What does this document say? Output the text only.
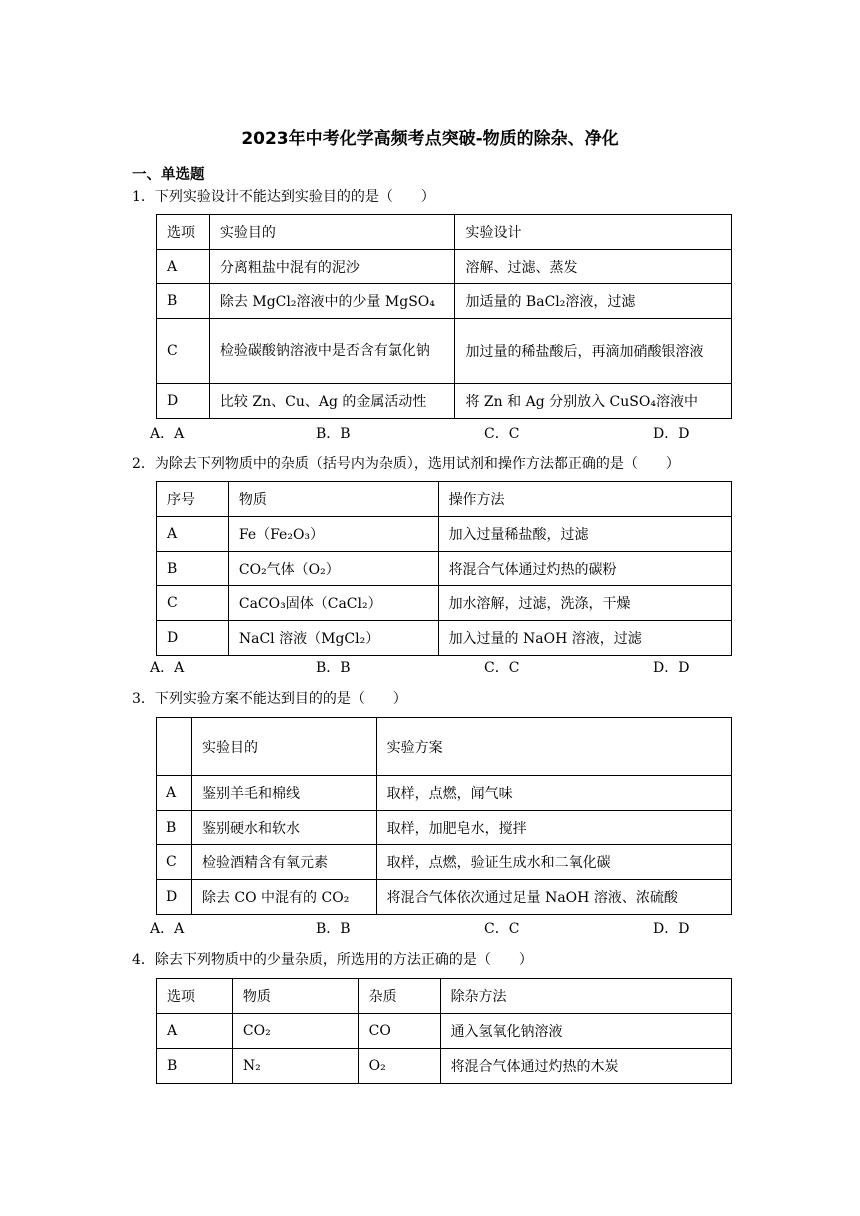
2023年中考化学高频考点突破-物质的除杂、净化
一、单选题
1．下列实验设计不能达到实验目的的是（　　）
选项	实验目的	实验设计
A	分离粗盐中混有的泥沙	溶解、过滤、蒸发
B	除去 MgCl₂溶液中的少量 MgSO₄	加适量的 BaCl₂溶液，过滤
C	检验碳酸钠溶液中是否含有氯化钠	加过量的稀盐酸后，再滴加硝酸银溶液
D	比较 Zn、Cu、Ag 的金属活动性	将 Zn 和 Ag 分别放入 CuSO₄溶液中
A．A	B．B	C．C	D．D
2．为除去下列物质中的杂质（括号内为杂质），选用试剂和操作方法都正确的是（　　）
序号	物质	操作方法
A	Fe（Fe₂O₃）	加入过量稀盐酸，过滤
B	CO₂气体（O₂）	将混合气体通过灼热的碳粉
C	CaCO₃固体（CaCl₂）	加水溶解，过滤，洗涤，干燥
D	NaCl 溶液（MgCl₂）	加入过量的 NaOH 溶液，过滤
A．A	B．B	C．C	D．D
3．下列实验方案不能达到目的的是（　　）
	实验目的	实验方案
A	鉴别羊毛和棉线	取样，点燃，闻气味
B	鉴别硬水和软水	取样，加肥皂水，搅拌
C	检验酒精含有氧元素	取样，点燃，验证生成水和二氧化碳
D	除去 CO 中混有的 CO₂	将混合气体依次通过足量 NaOH 溶液、浓硫酸
A．A	B．B	C．C	D．D
4．除去下列物质中的少量杂质，所选用的方法正确的是（　　）
选项	物质	杂质	除杂方法
A	CO₂	CO	通入氢氧化钠溶液
B	N₂	O₂	将混合气体通过灼热的木炭
